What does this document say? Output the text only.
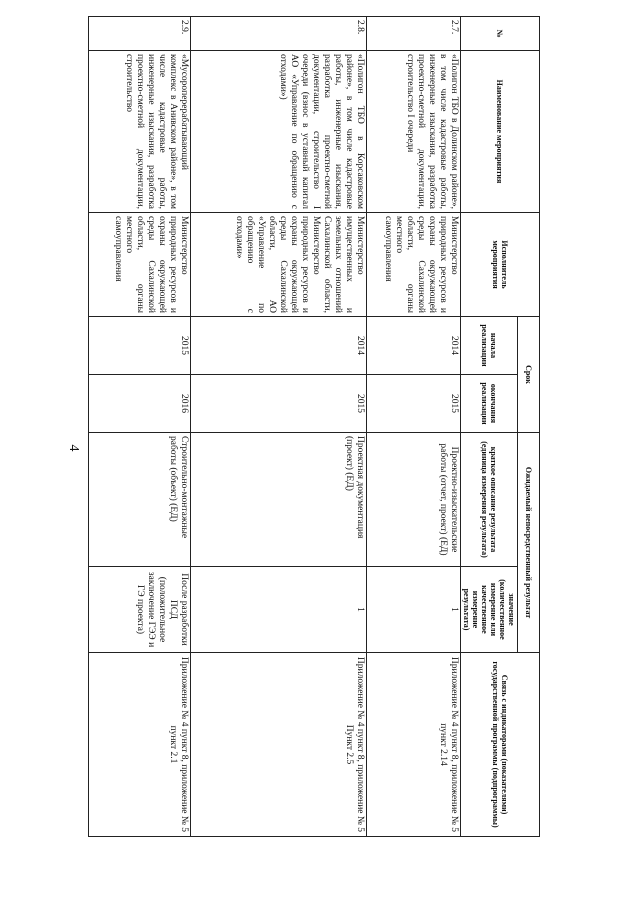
4
№	Наименование мероприятия	Исполнитель мероприятия	Срок		Ожидаемый непосредственный результат		Связь с индикаторами (показателями) государственной программы (подпрограммы)
			начала реализации	окончания реализации	краткое описание результата (единица измерения результата)	значение (количественное измерение или качественное измерение результата)	
2.7.	«Полигон ТБО в Долинском районе», в том числе кадастровые работы, инженерные изыскания, разработка проектно-сметной документации, строительство I очереди	Министерство природных ресурсов и охраны окружающей среды Сахалинской области, органы местного самоуправления	2014	2015	Проектно-изыскательские работы (отчет, проект) (ЕД)	1	Приложение № 4 пункт 8, приложение № 5 пункт 2.14
2.8.	«Полигон ТБО в Корсаковском районе», в том числе кадастровые работы, инженерные изыскания, разработка проектно-сметной документации, строительство I очереди (взнос в уставный капитал АО «Управление по обращению с отходами»)	Министерство имущественных и земельных отношений Сахалинской области, Министерство природных ресурсов и охраны окружающей среды Сахалинской области, АО «Управление по обращению с отходами»	2014	2015	Проектная документация (проект) (ЕД)	1	Приложение № 4 пункт 8, приложение № 5 Пункт 2.5
2.9.	«Мусороперерабатывающий комплекс в Анивском районе», в том числе кадастровые работы, инженерные изыскания, разработка проектно-сметной документации, строительство	Министерство природных ресурсов и охраны окружающей среды Сахалинской области, органы местного самоуправления	2015	2016	Строительно-монтажные работы (объект) (ЕД)	После разработки ПСД (положительное заключение ГЭЭ и ГЭ проекта)	Приложение № 4 пункт 8, приложение № 5 пункт 2.1
